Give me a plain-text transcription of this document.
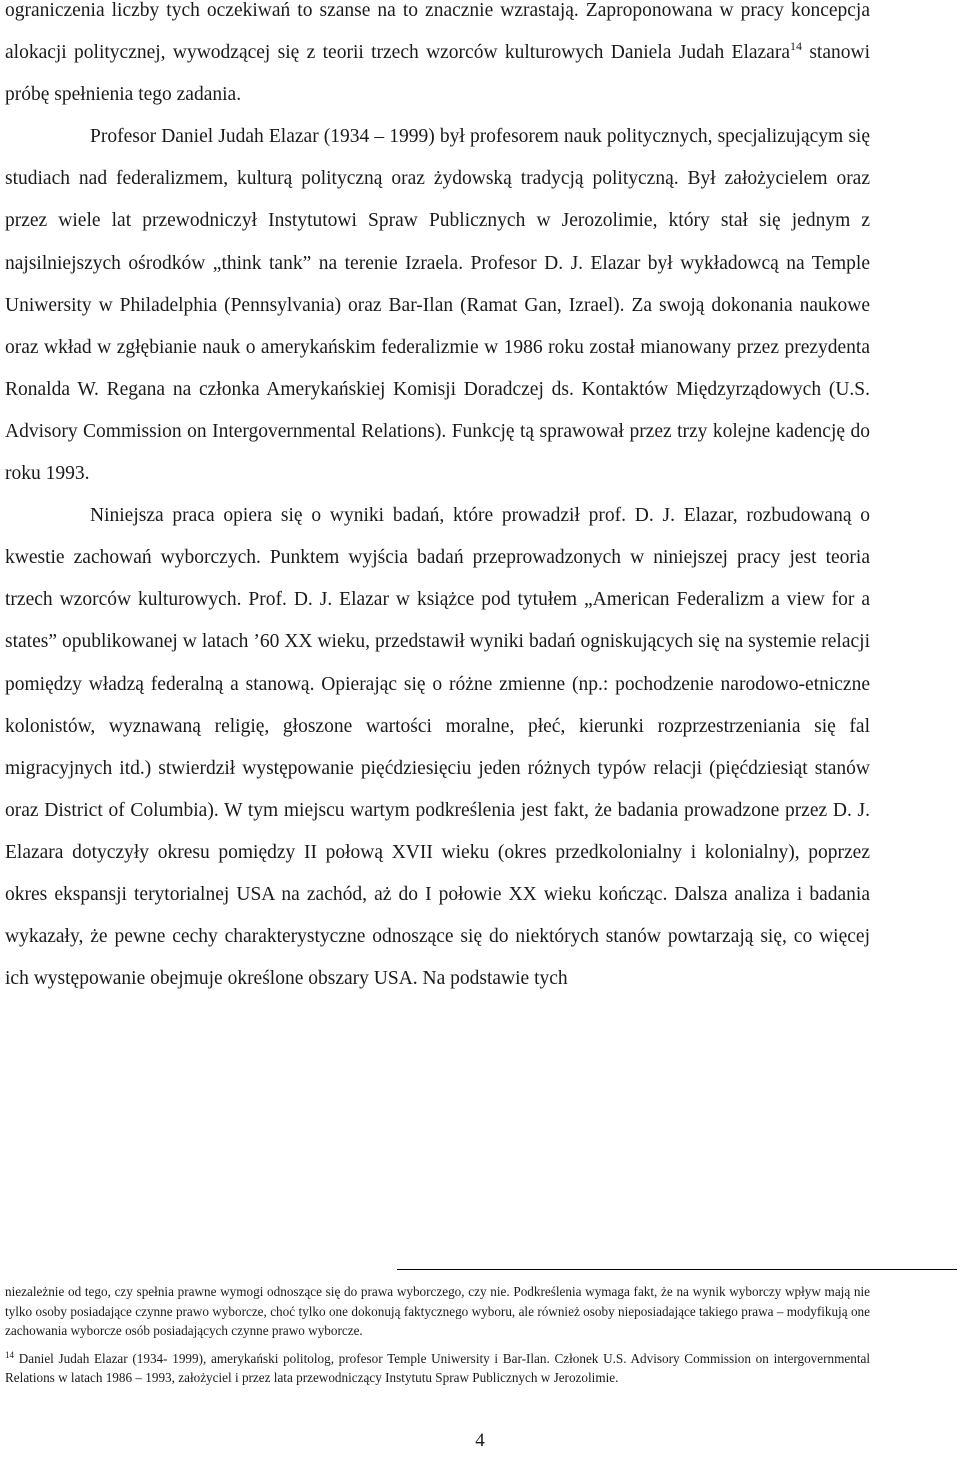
ograniczenia liczby tych oczekiwań to szanse na to znacznie wzrastają. Zaproponowana w pracy koncepcja alokacji politycznej, wywodzącej się z teorii trzech wzorców kulturowych Daniela Judah Elazara$^{14}$ stanowi próbę spełnienia tego zadania.

Profesor Daniel Judah Elazar (1934 – 1999) był profesorem nauk politycznych, specjalizującym się studiach nad federalizmem, kulturą polityczną oraz żydowską tradycją polityczną. Był założycielem oraz przez wiele lat przewodniczył Instytutowi Spraw Publicznych w Jerozolimie, który stał się jednym z najsilniejszych ośrodków „think tank” na terenie Izraela. Profesor D. J. Elazar był wykładowcą na Temple Uniwersity w Philadelphia (Pennsylvania) oraz Bar-Ilan (Ramat Gan, Izrael). Za swoją dokonania naukowe oraz wkład w zgłębianie nauk o amerykańskim federalizmie w 1986 roku został mianowany przez prezydenta Ronalda W. Regana na członka Amerykańskiej Komisji Doradczej ds. Kontaktów Międzyrządowych (U.S. Advisory Commission on Intergovernmental Relations). Funkcję tą sprawował przez trzy kolejne kadencję do roku 1993.

Niniejsza praca opiera się o wyniki badań, które prowadził prof. D. J. Elazar, rozbudowaną o kwestie zachowań wyborczych. Punktem wyjścia badań przeprowadzonych w niniejszej pracy jest teoria trzech wzorców kulturowych. Prof. D. J. Elazar w książce pod tytułem „American Federalizm a view for a states” opublikowanej w latach ’60 XX wieku, przedstawił wyniki badań ogniskujących się na systemie relacji pomiędzy władzą federalną a stanową. Opierając się o różne zmienne (np.: pochodzenie narodowo-etniczne kolonistów, wyznawaną religię, głoszone wartości moralne, płeć, kierunki rozprzestrzeniania się fal migracyjnych itd.) stwierdził występowanie pięćdziesięciu jeden różnych typów relacji (pięćdziesiąt stanów oraz District of Columbia). W tym miejscu wartym podkreślenia jest fakt, że badania prowadzone przez D. J. Elazara dotyczyły okresu pomiędzy II połową XVII wieku (okres przedkolonialny i kolonialny), poprzez okres ekspansji terytorialnej USA na zachód, aż do I połowie XX wieku kończąc. Dalsza analiza i badania wykazały, że pewne cechy charakterystyczne odnoszące się do niektórych stanów powtarzają się, co więcej ich występowanie obejmuje określone obszary USA. Na podstawie tych

niezależnie od tego, czy spełnia prawne wymogi odnoszące się do prawa wyborczego, czy nie. Podkreślenia wymaga fakt, że na wynik wyborczy wpływ mają nie tylko osoby posiadające czynne prawo wyborcze, choć tylko one dokonują faktycznego wyboru, ale również osoby nieposiadające takiego prawa – modyfikują one zachowania wyborcze osób posiadających czynne prawo wyborcze.

$^{14}$ Daniel Judah Elazar (1934- 1999), amerykański politolog, profesor Temple Uniwersity i Bar-Ilan. Członek U.S. Advisory Commission on intergovernmental Relations w latach 1986 – 1993, założyciel i przez lata przewodniczący Instytutu Spraw Publicznych w Jerozolimie.

4
